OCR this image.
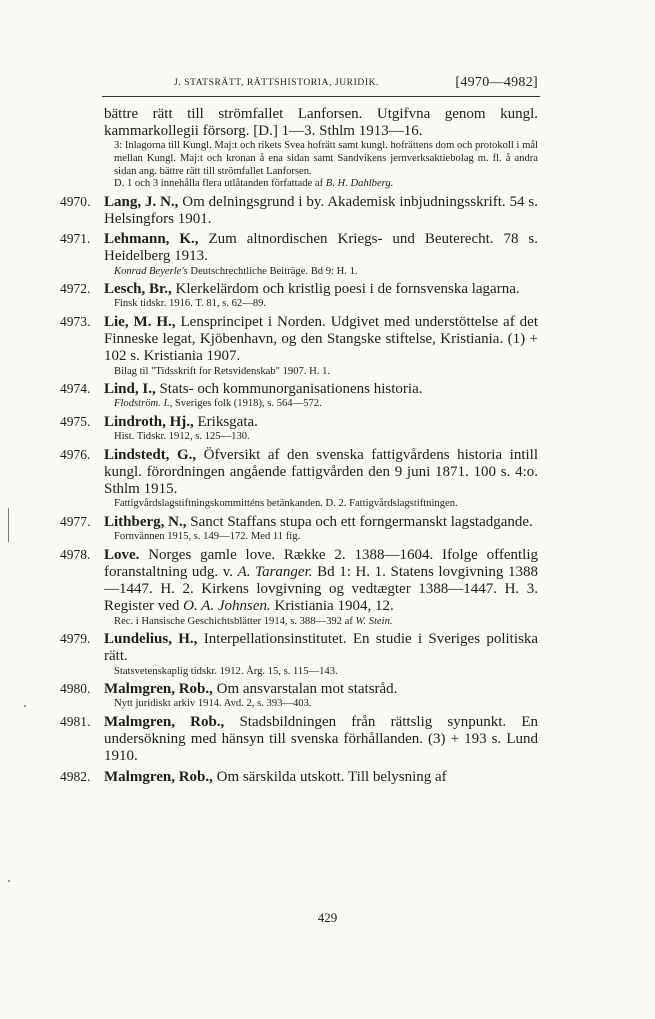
J. STATSRÄTT, RÄTTSHISTORIA, JURIDIK.	[4970—4982]
bättre rätt till strömfallet Lanforsen. Utgifvna genom kungl. kammarkollegii försorg. [D.] 1—3. Sthlm 1913—16.
3: Inlagorna till Kungl. Maj:t och rikets Svea hofrätt samt kungl. hofrättens dom och protokoll i mål mellan Kungl. Maj:t och kronan å ena sidan samt Sandvikens jernverksaktiebolag m. fl. å andra sidan ang. bättre rätt till strömfallet Lanforsen.
D. 1 och 3 innehålla flera utlåtanden författade af B. H. Dahlberg.
4970. Lang, J. N., Om delningsgrund i by. Akademisk inbjudningsskrift. 54 s. Helsingfors 1901.
4971. Lehmann, K., Zum altnordischen Kriegs- und Beuterecht. 78 s. Heidelberg 1913.
Konrad Beyerle's Deutschrechtliche Beiträge. Bd 9: H. 1.
4972. Lesch, Br., Klerkelärdom och kristlig poesi i de fornsvenska lagarna.
Finsk tidskr. 1916. T. 81, s. 62—89.
4973. Lie, M. H., Lensprincipet i Norden. Udgivet med understöttelse af det Finneske legat, Kjöbenhavn, og den Stangske stiftelse, Kristiania. (1) + 102 s. Kristiania 1907.
Bilag til "Tidsskrift for Retsvidenskab" 1907. H. 1.
4974. Lind, I., Stats- och kommunorganisationens historia.
Flodström. I., Sveriges folk (1918), s. 564—572.
4975. Lindroth, Hj., Eriksgata.
Hist. Tidskr. 1912, s. 125—130.
4976. Lindstedt, G., Öfversikt af den svenska fattigvårdens historia intill kungl. förordningen angående fattigvården den 9 juni 1871. 100 s. 4:o. Sthlm 1915.
Fattigvårdslagstiftningskommitténs betänkanden. D. 2. Fattigvårdslagstiftningen.
4977. Lithberg, N., Sanct Staffans stupa och ett forngermanskt lagstadgande.
Fornvännen 1915, s. 149—172. Med 11 fig.
4978. Love. Norges gamle love. Række 2. 1388—1604. Ifolge offentlig foranstaltning udg. v. A. Taranger. Bd 1: H. 1. Statens lovgivning 1388—1447. H. 2. Kirkens lovgivning og vedtægter 1388—1447. H. 3. Register ved O. A. Johnsen. Kristiania 1904, 12.
Rec. i Hansische Geschichtsblätter 1914, s. 388—392 af W. Stein.
4979. Lundelius, H., Interpellationsinstitutet. En studie i Sveriges politiska rätt.
Statsvetenskaplig tidskr. 1912. Årg. 15, s. 115—143.
4980. Malmgren, Rob., Om ansvarstalan mot statsråd.
Nytt juridiskt arkiv 1914. Avd. 2, s. 393—403.
4981. Malmgren, Rob., Stadsbildningen från rättslig synpunkt. En undersökning med hänsyn till svenska förhållanden. (3) + 193 s. Lund 1910.
4982. Malmgren, Rob., Om särskilda utskott. Till belysning af
429
